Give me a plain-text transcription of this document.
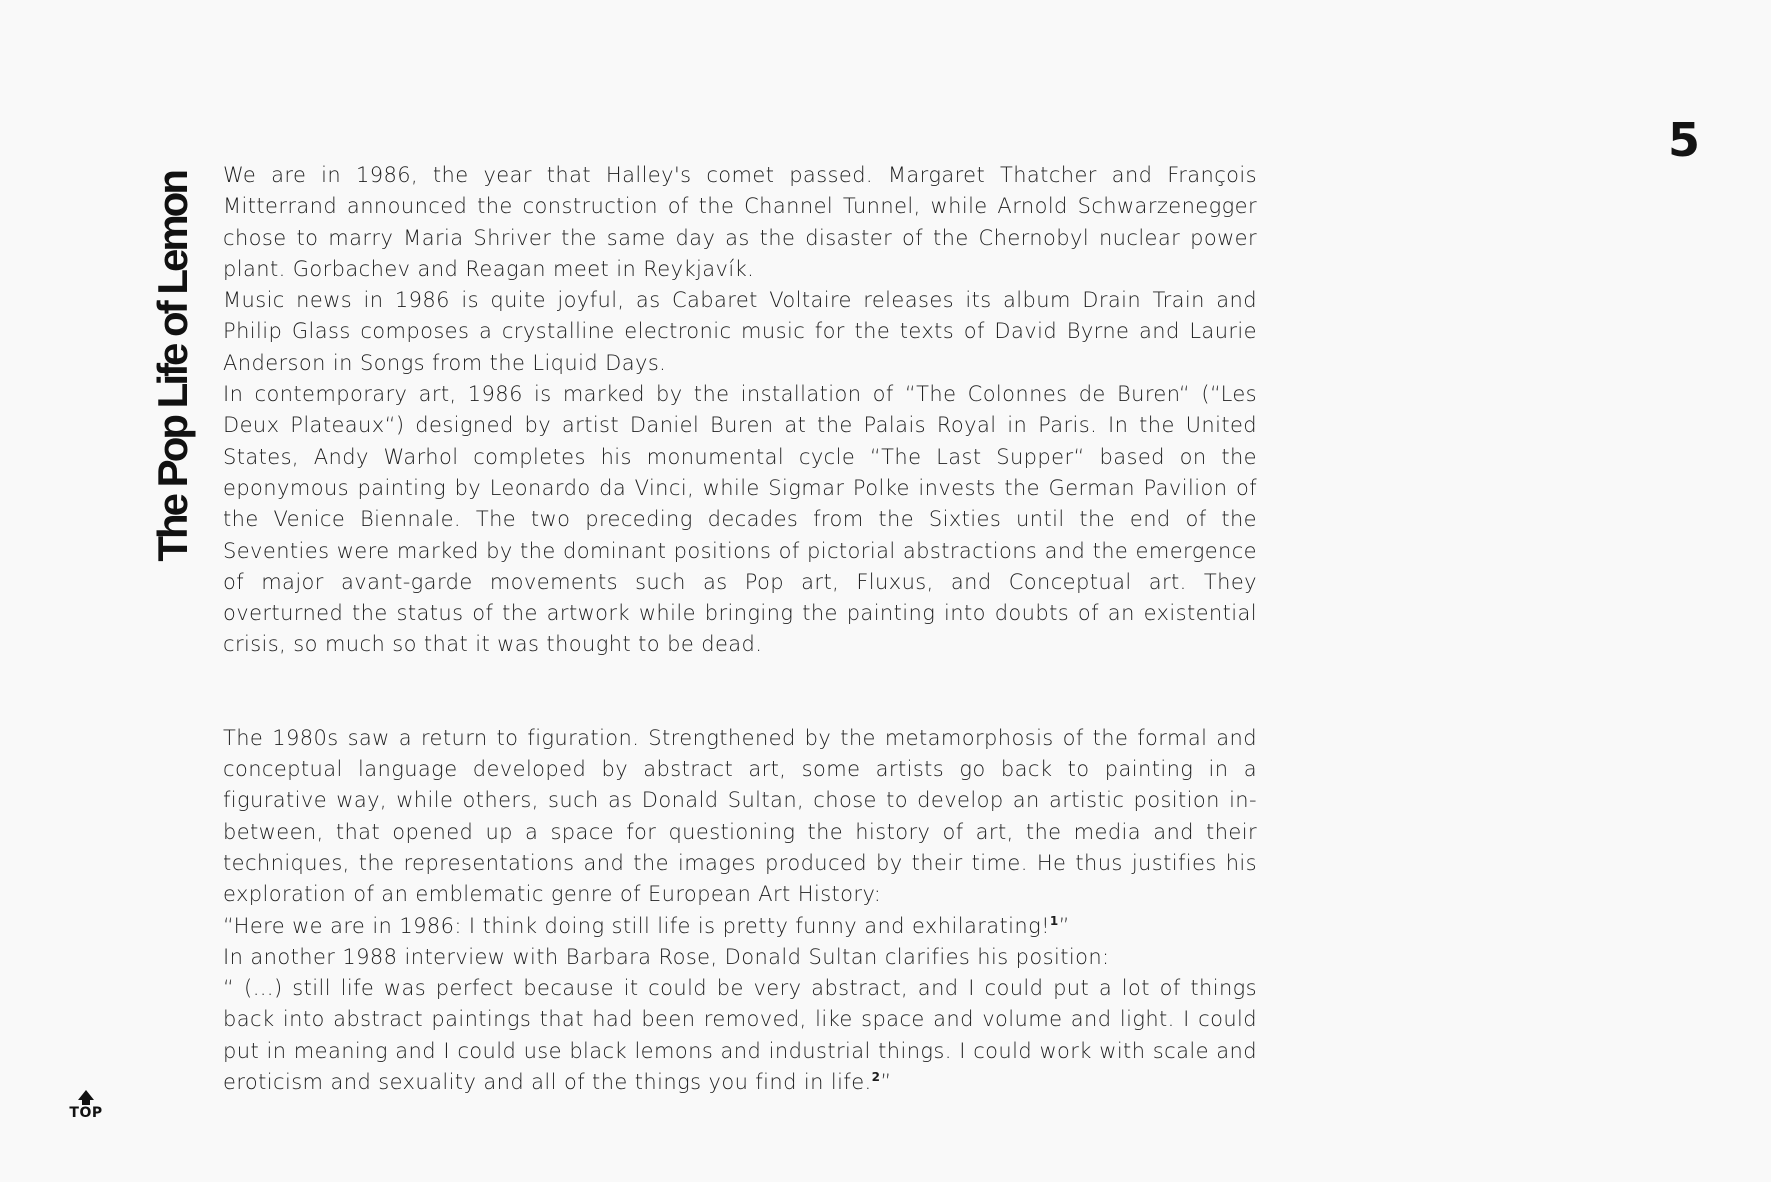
5
The Pop Life of Lemon We are in 1986, the year that Halley's comet passed. Margaret Thatcher and François Mitterrand announced the construction of the Channel Tunnel, while Arnold Schwarzenegger chose to marry Maria Shriver the same day as the disaster of the Chernobyl nuclear power plant. Gorbachev and Reagan meet in Reykjavík.

Music news in 1986 is quite joyful, as Cabaret Voltaire releases its album Drain Train and Philip Glass composes a crystalline electronic music for the texts of David Byrne and Laurie Anderson in Songs from the Liquid Days.

In contemporary art, 1986 is marked by the installation of “The Colonnes de Buren“ (“Les Deux Plateaux“) designed by artist Daniel Buren at the Palais Royal in Paris. In the United States, Andy Warhol completes his monumental cycle “The Last Supper“ based on the eponymous painting by Leonardo da Vinci, while Sigmar Polke invests the German Pavilion of the Venice Biennale. The two preceding decades from the Sixties until the end of the Seventies were marked by the dominant positions of pictorial abstractions and the emergence of major avant-garde movements such as Pop art, Fluxus, and Conceptual art. They overturned the status of the artwork while bringing the painting into doubts of an existential crisis, so much so that it was thought to be dead.

The 1980s saw a return to figuration. Strengthened by the metamorphosis of the formal and conceptual language developed by abstract art, some artists go back to painting in a figurative way, while others, such as Donald Sultan, chose to develop an artistic position in-between, that opened up a space for questioning the history of art, the media and their techniques, the representations and the images produced by their time. He thus justifies his exploration of an emblematic genre of European Art History:

“Here we are in 1986: I think doing still life is pretty funny and exhilarating!$^1$”

In another 1988 interview with Barbara Rose, Donald Sultan clarifies his position:

“ (…) still life was perfect because it could be very abstract, and I could put a lot of things back into abstract paintings that had been removed, like space and volume and light. I could put in meaning and I could use black lemons and industrial things. I could work with scale and eroticism and sexuality and all of the things you find in life.$^2$”

TOP
